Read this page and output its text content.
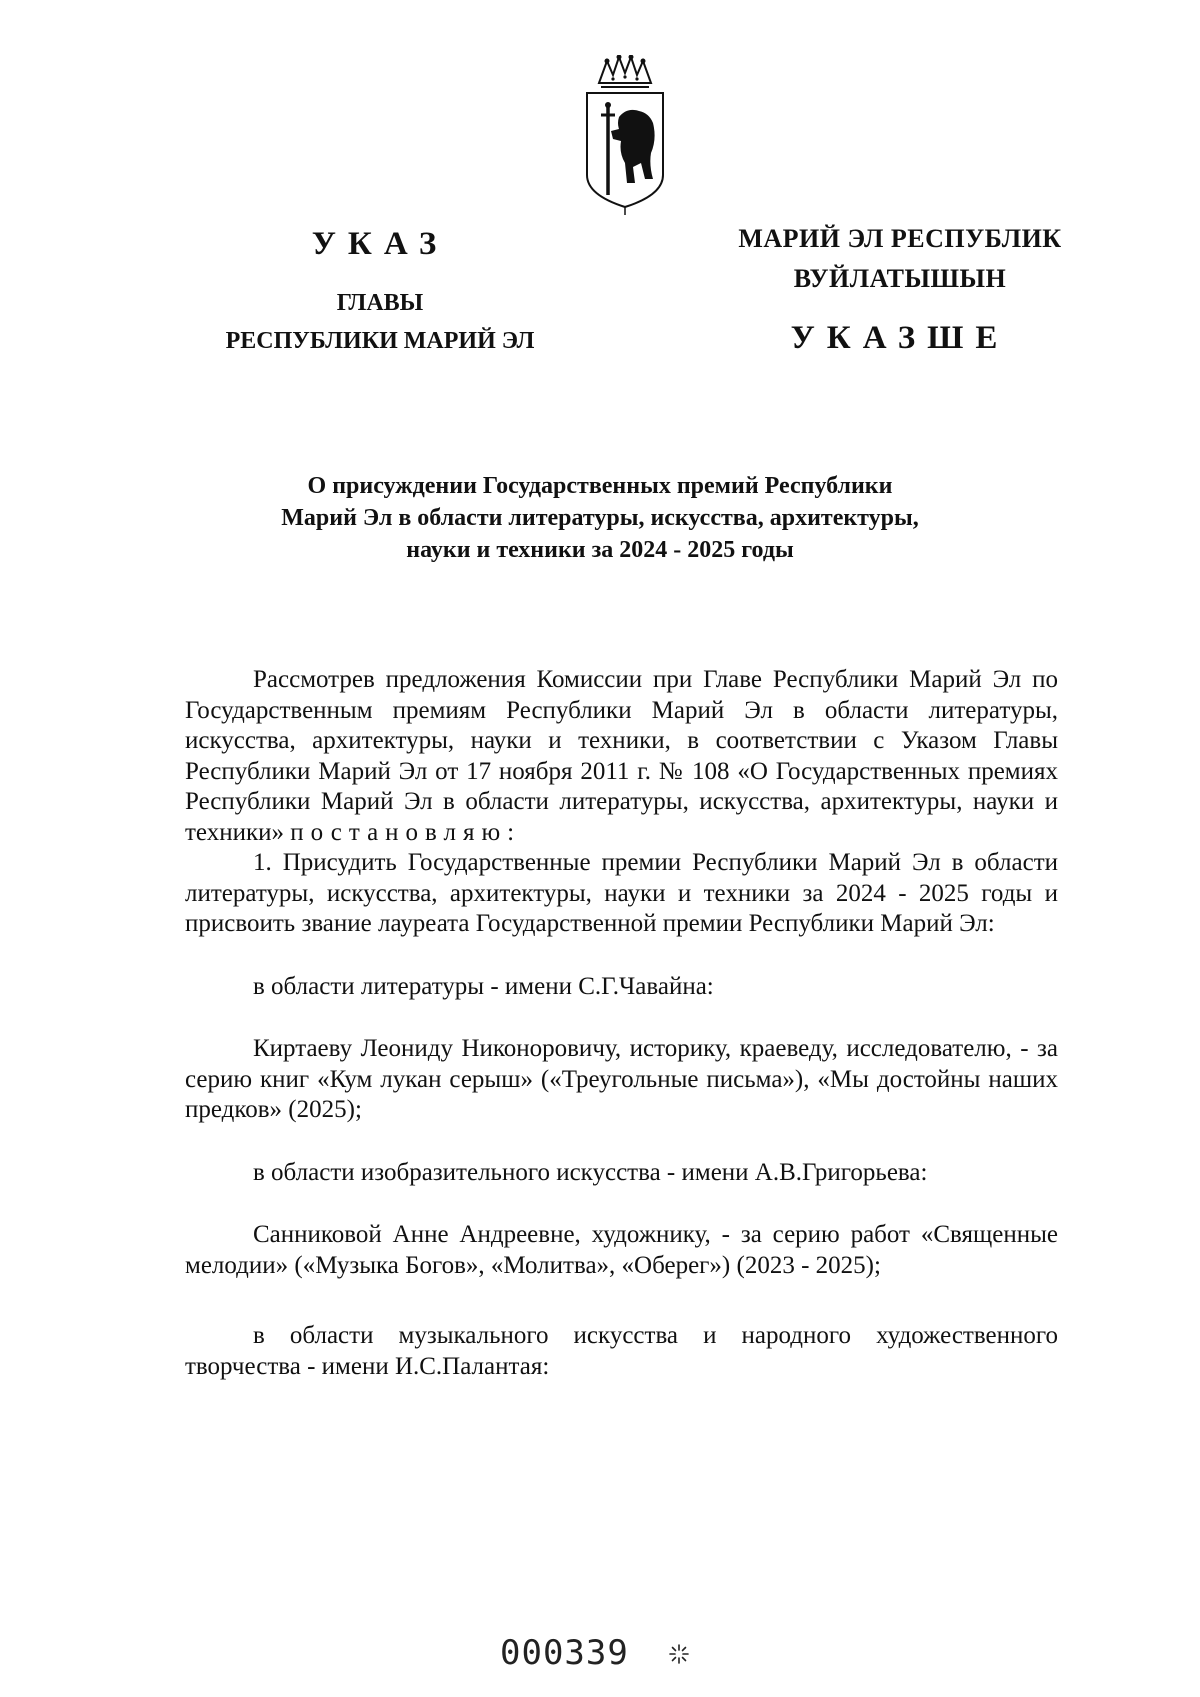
УКАЗ
ГЛАВЫ
РЕСПУБЛИКИ МАРИЙ ЭЛ
МАРИЙ ЭЛ РЕСПУБЛИК
ВУЙЛАТЫШЫН
УКАЗШЕ
О присуждении Государственных премий Республики
Марий Эл в области литературы, искусства, архитектуры,
науки и техники за 2024 - 2025 годы

Рассмотрев предложения Комиссии при Главе Республики Марий Эл по Государственным премиям Республики Марий Эл в области литературы, искусства, архитектуры, науки и техники, в соответствии с Указом Главы Республики Марий Эл от 17 ноября 2011 г. № 108 «О Государственных премиях Республики Марий Эл в области литературы, искусства, архитектуры, науки и техники» постановляю:

1. Присудить Государственные премии Республики Марий Эл в области литературы, искусства, архитектуры, науки и техники за 2024 - 2025 годы и присвоить звание лауреата Государственной премии Республики Марий Эл:

в области литературы - имени С.Г.Чавайна:

Киртаеву Леониду Никоноровичу, историку, краеведу, исследователю, - за серию книг «Кум лукан серыш» («Треугольные письма»), «Мы достойны наших предков» (2025);

в области изобразительного искусства - имени А.В.Григорьева:

Санниковой Анне Андреевне, художнику, - за серию работ «Священные мелодии» («Музыка Богов», «Молитва», «Оберег») (2023 - 2025);

в области музыкального искусства и народного художественного творчества - имени И.С.Палантая:

000339
